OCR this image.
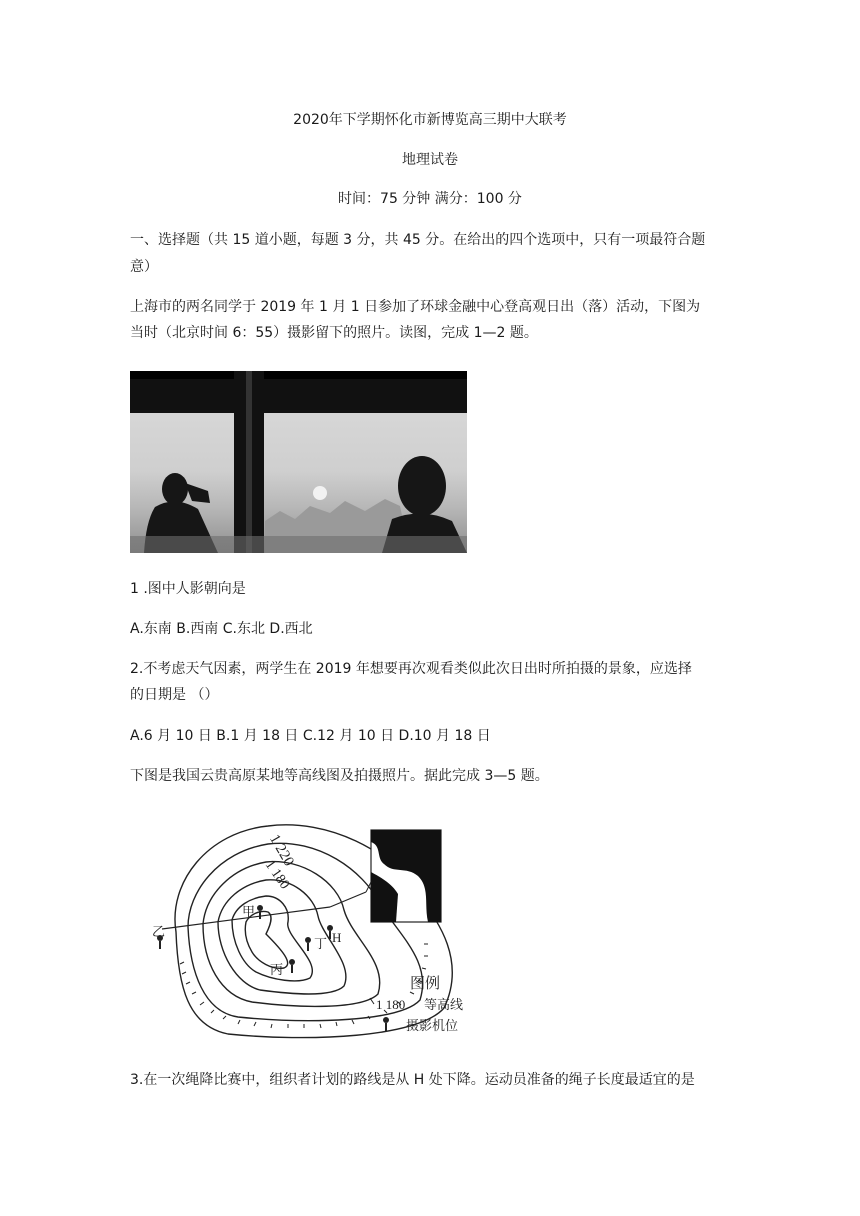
2020年下学期怀化市新博览高三期中大联考
地理试卷
时间：75 分钟 满分：100 分
一、选择题（共 15 道小题，每题 3 分，共 45 分。在给出的四个选项中，只有一项最符合题
意）
上海市的两名同学于 2019 年 1 月 1 日参加了环球金融中心登高观日出（落）活动，下图为
当时（北京时间 6：55）摄影留下的照片。读图，完成 1—2 题。
1 .图中人影朝向是
A.东南 B.西南 C.东北 D.西北
2.不考虑天气因素，两学生在 2019 年想要再次观看类似此次日出时所拍摄的景象，应选择
的日期是 （）
A.6 月 10 日 B.1 月 18 日 C.12 月 10 日 D.10 月 18 日
下图是我国云贵高原某地等高线图及拍摄照片。据此完成 3—5 题。
1 220
1 180
甲
乙
丙
丁 H
图例
1 180 等高线
摄影机位
3.在一次绳降比赛中，组织者计划的路线是从 H 处下降。运动员准备的绳子长度最适宜的是
